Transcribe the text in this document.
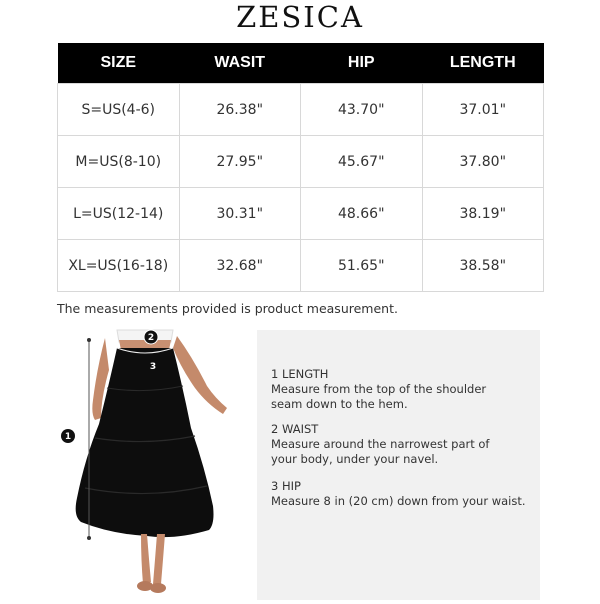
ZESICA
SIZE	WASIT	HIP	LENGTH
S=US(4-6)	26.38"	43.70"	37.01"
M=US(8-10)	27.95"	45.67"	37.80"
L=US(12-14)	30.31"	48.66"	38.19"
XL=US(16-18)	32.68"	51.65"	38.58"
The measurements provided is product measurement.
1
2
3	1 LENGTH
Measure from the top of the shoulder
seam down to the hem.
2 WAIST
Measure around the narrowest part of
your body, under your navel.
3 HIP
Measure 8 in (20 cm) down from your waist.
